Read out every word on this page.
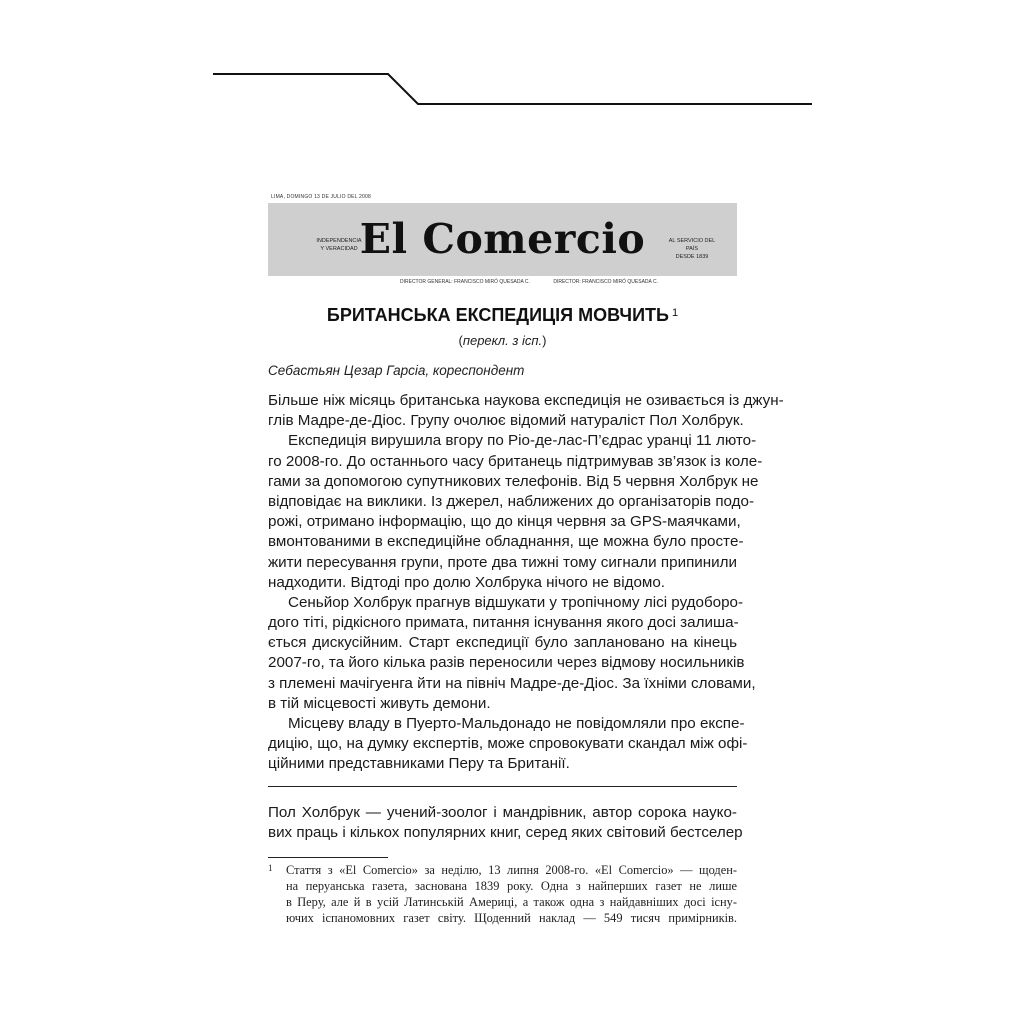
LIMA, DOMINGO 13 DE JULIO DEL 2008
INDEPENDENCIA
Y VERACIDAD El Comercio	AL SERVICIO DEL PAÍS
DESDE 1839
DIRECTOR GENERAL: FRANCISCO MIRÓ QUESADA C.	DIRECTOR: FRANCISCO MIRÓ QUESADA C.
БРИТАНСЬКА ЕКСПЕДИЦІЯ МОВЧИТЬ $^1$
(перекл. з ісп.)
Себастьян Цезар Гарсіа, кореспондент
Більше ніж місяць британська наукова експедиція не озивається із джун-
глів Мадре-де-Діос. Групу очолює відомий натураліст Пол Холбрук.
Експедиція вирушила вгору по Ріо-де-лас-П’єдрас уранці 11 люто-
го 2008-го. До останнього часу британець підтримував зв’язок із коле-
гами за допомогою супутникових телефонів. Від 5 червня Холбрук не
відповідає на виклики. Із джерел, наближених до організаторів подо-
рожі, отримано інформацію, що до кінця червня за GPS-маячками,
вмонтованими в експедиційне обладнання, ще можна було простe-
жити пересування групи, проте два тижні тому сигнали припинили
надходити. Відтоді про долю Холбрука нічого не відомо.
Сеньйор Холбрук прагнув відшукати у тропічному лісі рудоборо-
дого тіті, рідкісного примата, питання існування якого досі залиша-
ється дискусійним. Старт експедиції було заплановано на кінець
2007-го, та його кілька разів переносили через відмову носильників
з племені мачігуенга йти на північ Мадре-де-Діос. За їхніми словами,
в тій місцевості живуть демони.
Місцеву владу в Пуерто-Мальдонадо не повідомляли про експе-
дицію, що, на думку експертів, може спровокувати скандал між офі-
ційними представниками Перу та Британії.
Пол Холбрук — учений-зоолог і мандрівник, автор сорока науко-
вих праць і кількох популярних книг, серед яких світовий бестселер
1 Стаття з «El Comercio» за неділю, 13 липня 2008-го. «El Comercio» — щоден-
на перуанська газета, заснована 1839 року. Одна з найперших газет не лише
в Перу, але й в усій Латинській Америці, а також одна з найдавніших досі існу-
ючих іспаномовних газет світу. Щоденний наклад — 549 тисяч примірників.
